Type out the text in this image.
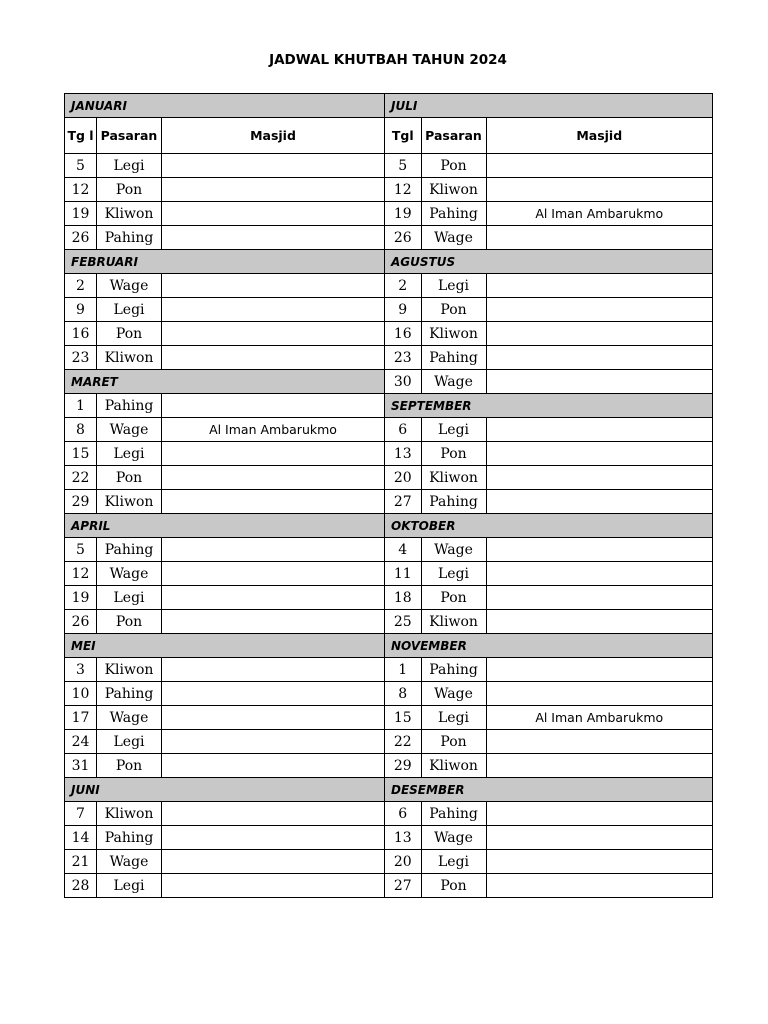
JADWAL KHUTBAH TAHUN 2024
JANUARI		
Tg l	Pasaran	Masjid
5	Legi	
12	Pon	
19	Kliwon	
26	Pahing	
FEBRUARI		
2	Wage	
9	Legi	
16	Pon	
23	Kliwon	
MARET		
1	Pahing	
8	Wage	Al Iman Ambarukmo
15	Legi	
22	Pon	
29	Kliwon	
APRIL		
5	Pahing	
12	Wage	
19	Legi	
26	Pon	
MEI		
3	Kliwon	
10	Pahing	
17	Wage	
24	Legi	
31	Pon	
JUNI		
7	Kliwon	
14	Pahing	
21	Wage	
28	Legi	
JULI		
Tgl	Pasaran	Masjid
5	Pon	
12	Kliwon	
19	Pahing	Al Iman Ambarukmo
26	Wage	
AGUSTUS		
2	Legi	
9	Pon	
16	Kliwon	
23	Pahing	
30	Wage	
SEPTEMBER		
6	Legi	
13	Pon	
20	Kliwon	
27	Pahing	
OKTOBER		
4	Wage	
11	Legi	
18	Pon	
25	Kliwon	
NOVEMBER		
1	Pahing	
8	Wage	
15	Legi	Al Iman Ambarukmo
22	Pon	
29	Kliwon	
DESEMBER		
6	Pahing	
13	Wage	
20	Legi	
27	Pon	
